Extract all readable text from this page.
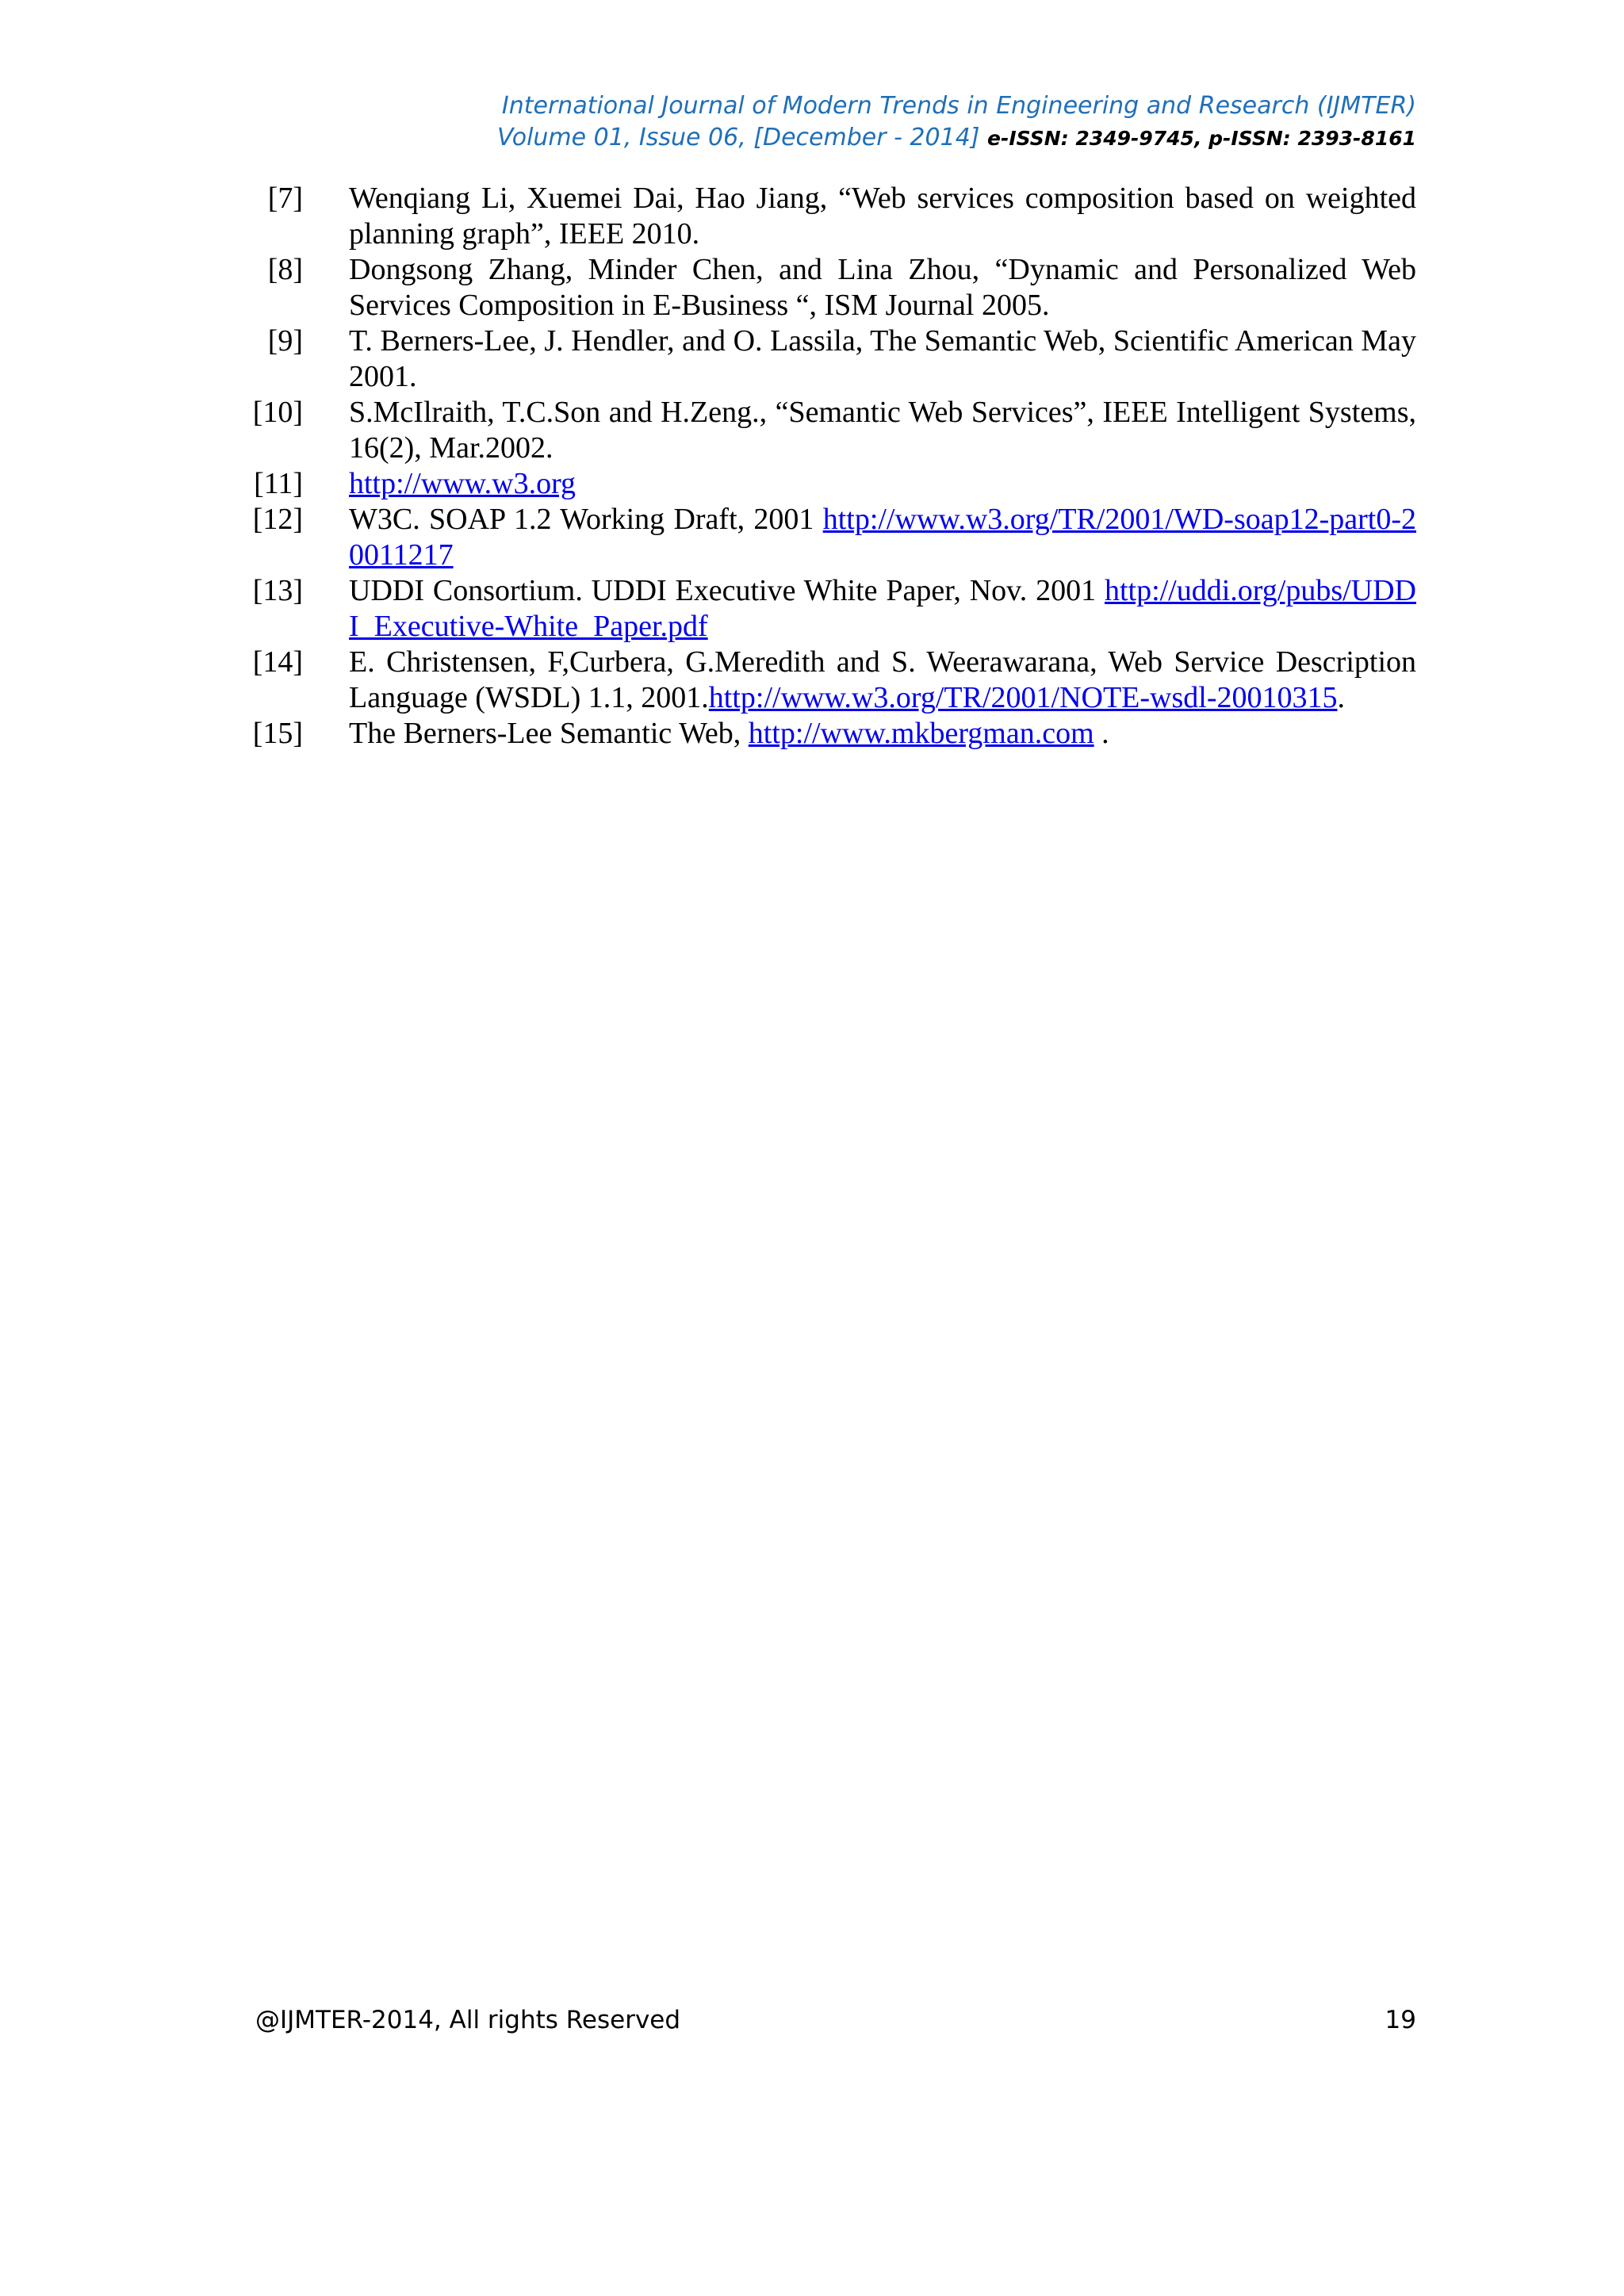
International Journal of Modern Trends in Engineering and Research (IJMTER)
Volume 01, Issue 06, [December - 2014] e-ISSN: 2349-9745, p-ISSN: 2393-8161
[7]	Wenqiang Li, Xuemei Dai, Hao Jiang, “Web services composition based on weighted planning graph”, IEEE 2010.
[8]	Dongsong Zhang, Minder Chen, and Lina Zhou, “Dynamic and Personalized Web Services Composition in E-Business “, ISM Journal 2005.
[9]	T. Berners-Lee, J. Hendler, and O. Lassila, The Semantic Web, Scientific American May 2001.
[10]	S.McIlraith, T.C.Son and H.Zeng., “Semantic Web Services”, IEEE Intelligent Systems, 16(2), Mar.2002.
[11]	http://www.w3.org
[12]	W3C. SOAP 1.2 Working Draft, 2001 http://www.w3.org/TR/2001/WD-soap12-part0-20011217
[13]	UDDI Consortium. UDDI Executive White Paper, Nov. 2001 http://uddi.org/pubs/UDDI_Executive-White_Paper.pdf
[14]	E. Christensen, F,Curbera, G.Meredith and S. Weerawarana, Web Service Description Language (WSDL) 1.1, 2001.http://www.w3.org/TR/2001/NOTE-wsdl-20010315.
[15]	The Berners-Lee Semantic Web, http://www.mkbergman.com .
@IJMTER-2014, All rights Reserved	19
